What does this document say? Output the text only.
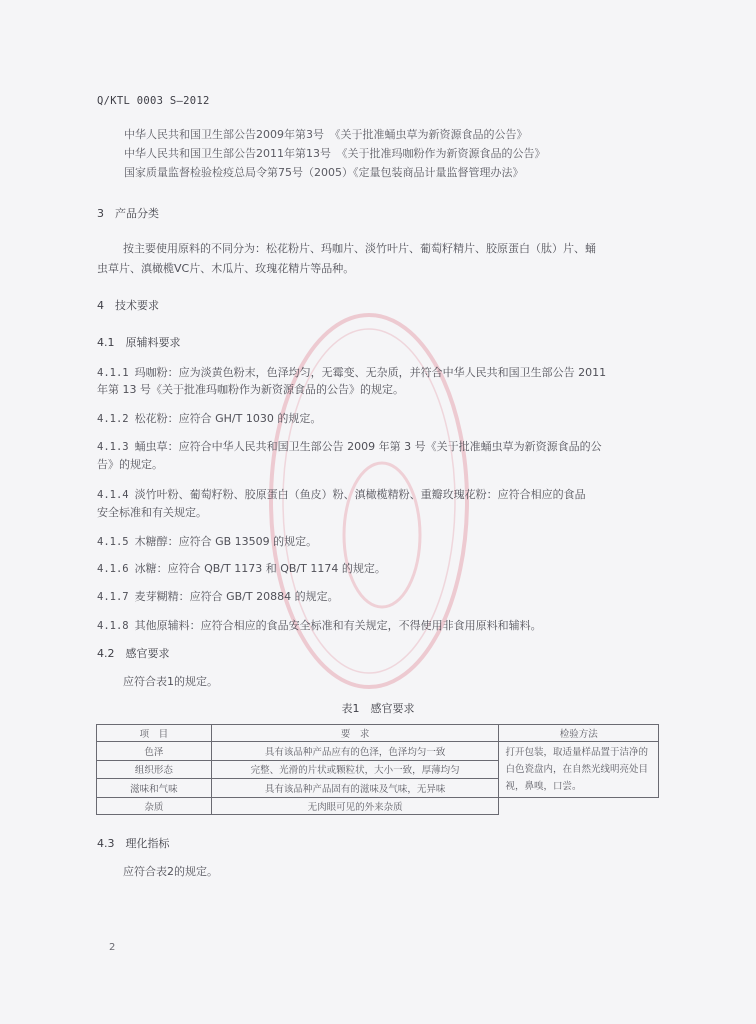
Q/KTL 0003 S—2012
中华人民共和国卫生部公告2009年第3号　《关于批准蛹虫草为新资源食品的公告》
中华人民共和国卫生部公告2011年第13号　《关于批准玛咖粉作为新资源食品的公告》
国家质量监督检验检疫总局令第75号（2005）《定量包装商品计量监督管理办法》
3　产品分类
按主要使用原料的不同分为：松花粉片、玛咖片、淡竹叶片、葡萄籽精片、胶原蛋白（肽）片、蛹
虫草片、滇橄榄VC片、木瓜片、玫瑰花精片等品种。
4　技术要求
4.1　原辅料要求
4.1.1 玛咖粉：应为淡黄色粉末，色泽均匀，无霉变、无杂质，并符合中华人民共和国卫生部公告 2011
年第 13 号《关于批准玛咖粉作为新资源食品的公告》的规定。
4.1.2 松花粉：应符合 GH/T 1030 的规定。
4.1.3 蛹虫草：应符合中华人民共和国卫生部公告 2009 年第 3 号《关于批准蛹虫草为新资源食品的公
告》的规定。
4.1.4 淡竹叶粉、葡萄籽粉、胶原蛋白（鱼皮）粉、滇橄榄精粉、重瓣玫瑰花粉：应符合相应的食品
安全标准和有关规定。
4.1.5 木糖醇：应符合 GB 13509 的规定。
4.1.6 冰糖：应符合 QB/T 1173 和 QB/T 1174 的规定。
4.1.7 麦芽糊精：应符合 GB/T 20884 的规定。
4.1.8 其他原辅料：应符合相应的食品安全标准和有关规定，不得使用非食用原料和辅料。
4.2　感官要求
应符合表1的规定。
表1　感官要求
项　目	要　求	检验方法
色泽	具有该品种产品应有的色泽，色泽均匀一致	打开包装，取适量样品置于洁净的白色瓷盘内，在自然光线明亮处目视，鼻嗅，口尝。
组织形态	完整、光滑的片状或颗粒状，大小一致，厚薄均匀	
滋味和气味	具有该品种产品固有的滋味及气味，无异味	
杂质	无肉眼可见的外来杂质	
4.3　理化指标
应符合表2的规定。
2
